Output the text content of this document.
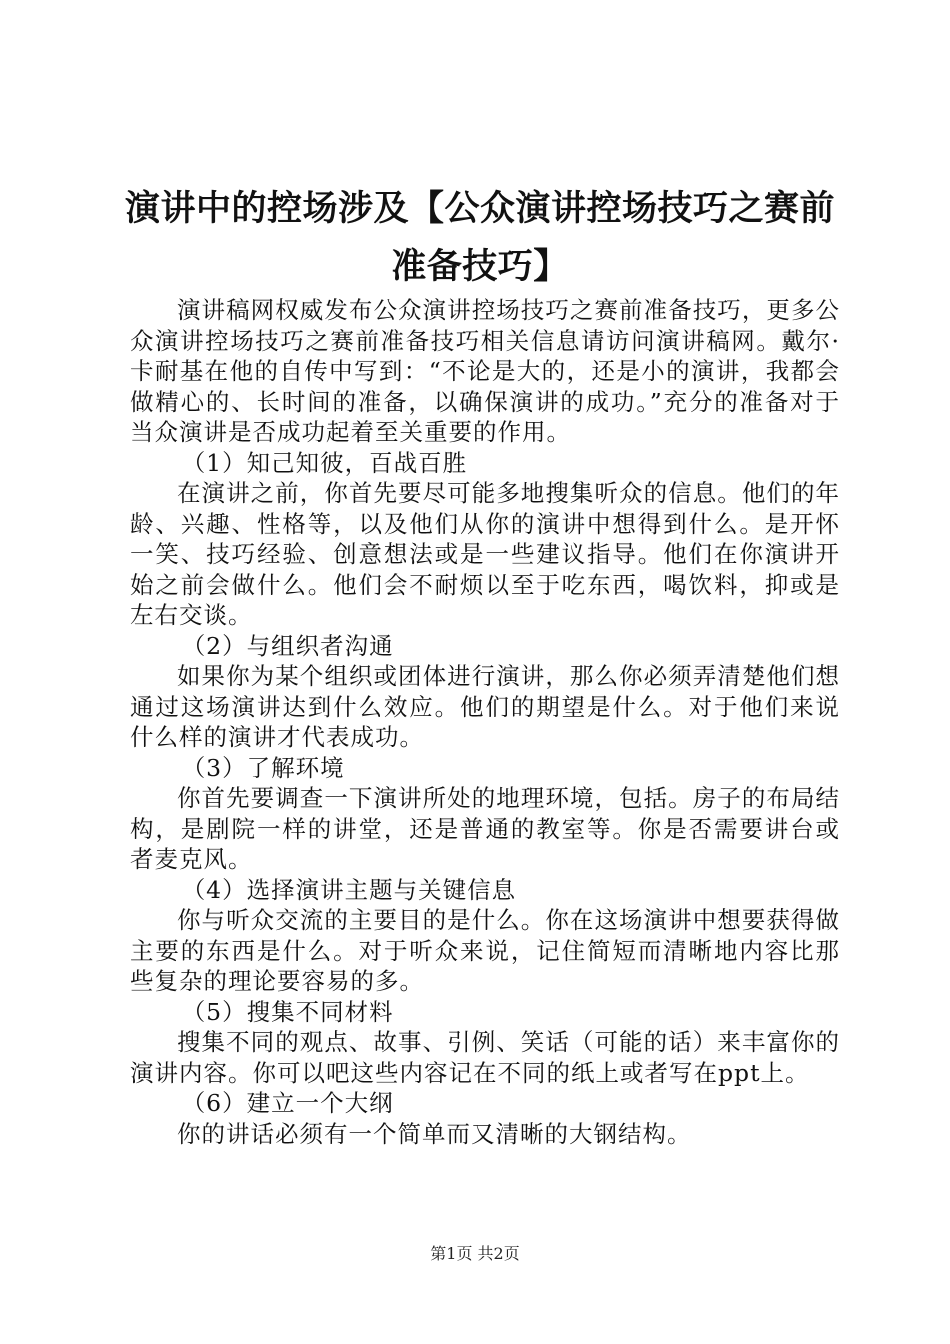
演讲中的控场涉及【公众演讲控场技巧之赛前准备技巧】

演讲稿网权威发布公众演讲控场技巧之赛前准备技巧，更多公众演讲控场技巧之赛前准备技巧相关信息请访问演讲稿网。戴尔·卡耐基在他的自传中写到：“不论是大的，还是小的演讲，我都会做精心的、长时间的准备，以确保演讲的成功。”充分的准备对于当众演讲是否成功起着至关重要的作用。

（1）知己知彼，百战百胜

在演讲之前，你首先要尽可能多地搜集听众的信息。他们的年龄、兴趣、性格等，以及他们从你的演讲中想得到什么。是开怀一笑、技巧经验、创意想法或是一些建议指导。他们在你演讲开始之前会做什么。他们会不耐烦以至于吃东西，喝饮料，抑或是左右交谈。

（2）与组织者沟通

如果你为某个组织或团体进行演讲，那么你必须弄清楚他们想通过这场演讲达到什么效应。他们的期望是什么。对于他们来说什么样的演讲才代表成功。

（3）了解环境

你首先要调查一下演讲所处的地理环境，包括。房子的布局结构，是剧院一样的讲堂，还是普通的教室等。你是否需要讲台或者麦克风。

（4）选择演讲主题与关键信息

你与听众交流的主要目的是什么。你在这场演讲中想要获得做主要的东西是什么。对于听众来说，记住简短而清晰地内容比那些复杂的理论要容易的多。

（5）搜集不同材料

搜集不同的观点、故事、引例、笑话（可能的话）来丰富你的演讲内容。你可以吧这些内容记在不同的纸上或者写在ppt上。

（6）建立一个大纲

你的讲话必须有一个简单而又清晰的大钢结构。

第1页 共2页
